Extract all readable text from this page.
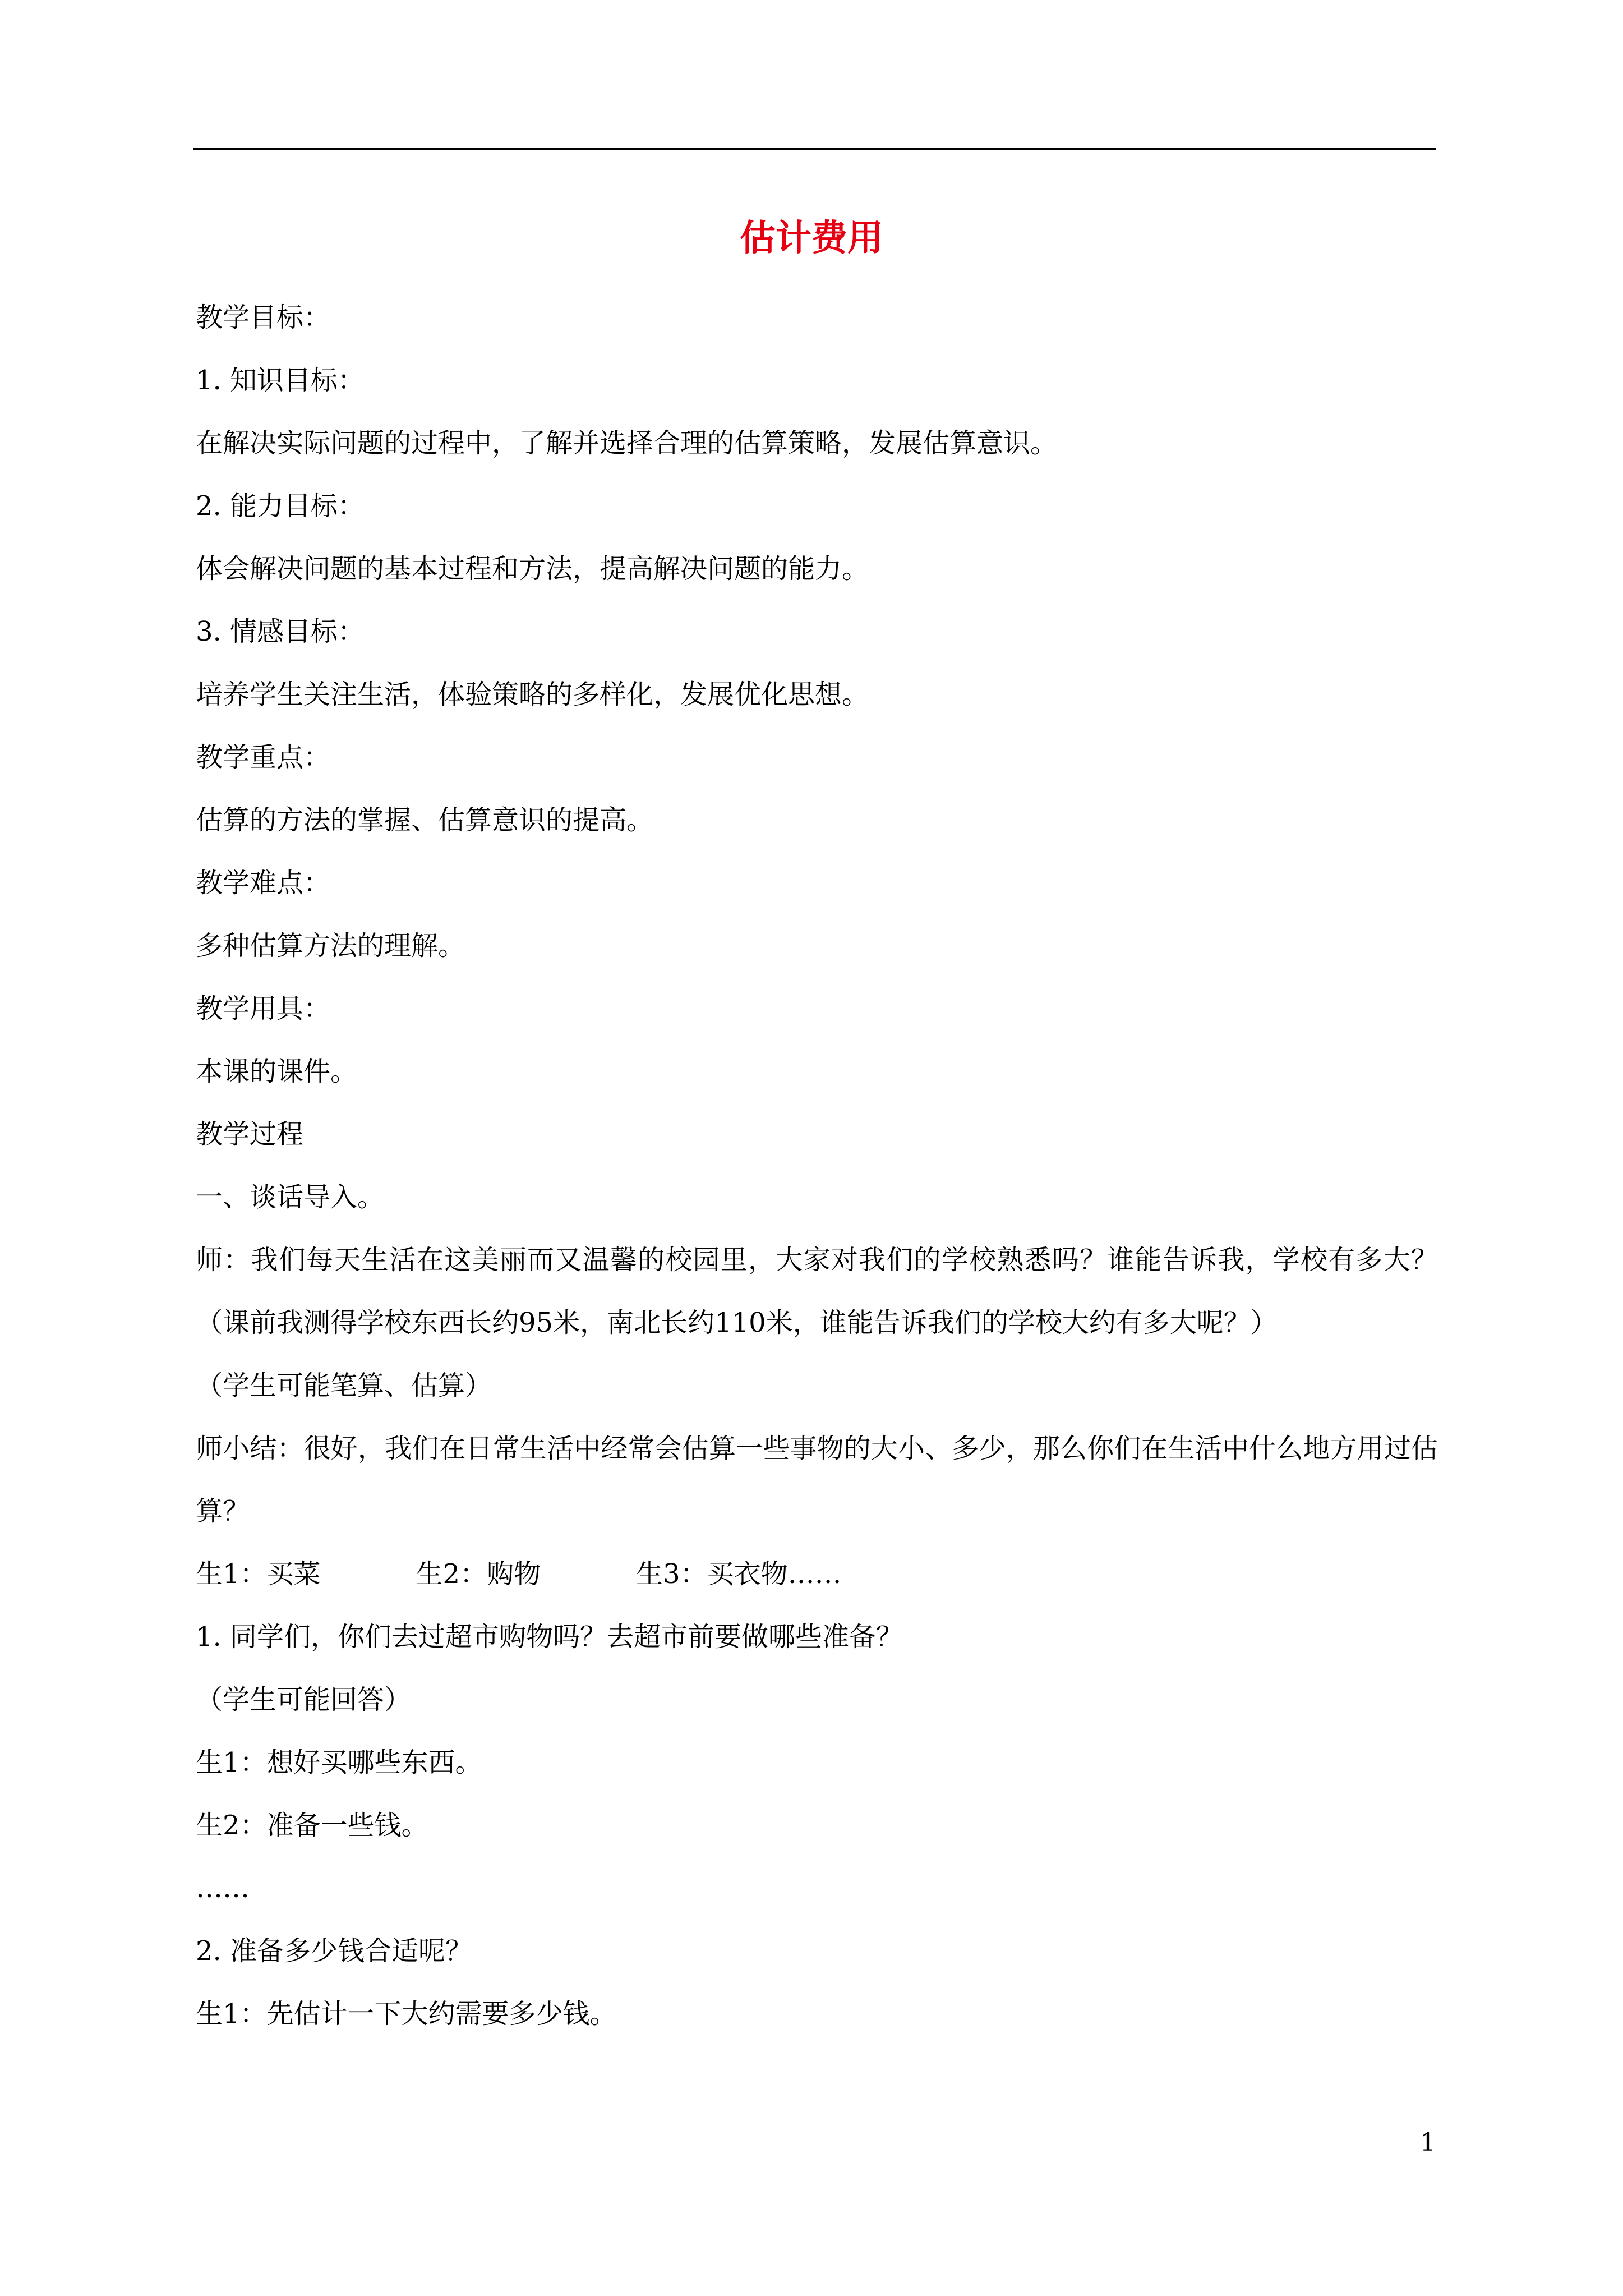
估计费用

教学目标：

1. 知识目标：

在解决实际问题的过程中，了解并选择合理的估算策略，发展估算意识。

2. 能力目标：

体会解决问题的基本过程和方法，提高解决问题的能力。

3. 情感目标：

培养学生关注生活，体验策略的多样化，发展优化思想。

教学重点：

估算的方法的掌握、估算意识的提高。

教学难点：

多种估算方法的理解。

教学用具：

本课的课件。

教学过程

一、谈话导入。

师：我们每天生活在这美丽而又温馨的校园里，大家对我们的学校熟悉吗？谁能告诉我，学校有多大？（课前我测得学校东西长约95米，南北长约110米，谁能告诉我们的学校大约有多大呢？）

（学生可能笔算、估算）

师小结：很好，我们在日常生活中经常会估算一些事物的大小、多少，那么你们在生活中什么地方用过估算？

生1：买菜	生2：购物	生3：买衣物……

1. 同学们，你们去过超市购物吗？去超市前要做哪些准备？

（学生可能回答）

生1：想好买哪些东西。

生2：准备一些钱。

……

2. 准备多少钱合适呢？

生1：先估计一下大约需要多少钱。

1
